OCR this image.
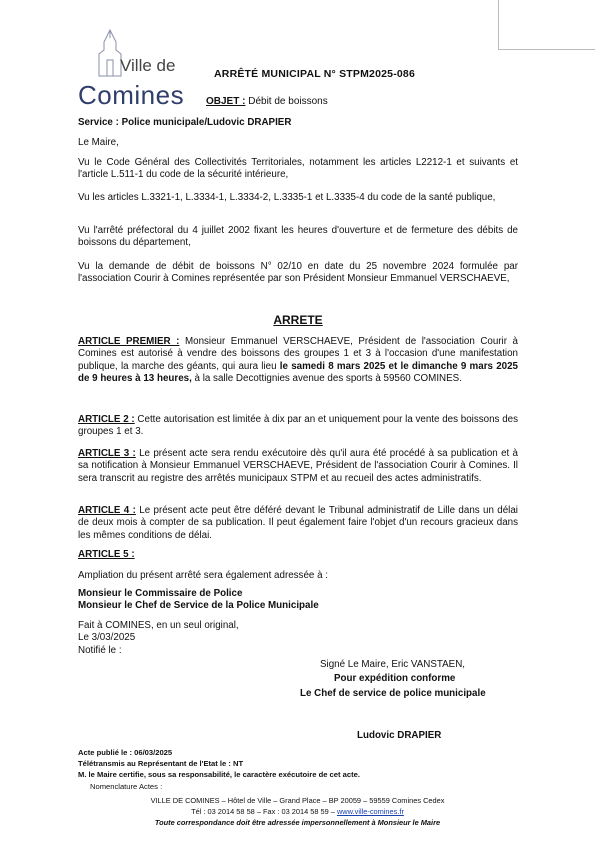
Ville de
Comines
ARRÊTÉ MUNICIPAL N° STPM2025-086
OBJET : Débit de boissons
Service : Police municipale/Ludovic DRAPIER
Le Maire,
Vu le Code Général des Collectivités Territoriales, notamment les articles L2212-1 et suivants et l'article L.511-1 du code de la sécurité intérieure,
Vu les articles L.3321-1, L.3334-1, L.3334-2, L.3335-1 et L.3335-4 du code de la santé publique,
Vu l'arrêté préfectoral du 4 juillet 2002 fixant les heures d'ouverture et de fermeture des débits de boissons du département,
Vu la demande de débit de boissons N° 02/10 en date du 25 novembre 2024 formulée par l'association Courir à Comines représentée par son Président Monsieur Emmanuel VERSCHAEVE,
ARRETE
ARTICLE PREMIER : Monsieur Emmanuel VERSCHAEVE, Président de l'association Courir à Comines est autorisé à vendre des boissons des groupes 1 et 3 à l'occasion d'une manifestation publique, la marche des géants, qui aura lieu le samedi 8 mars 2025 et le dimanche 9 mars 2025 de 9 heures à 13 heures, à la salle Decottignies avenue des sports à 59560 COMINES.
ARTICLE 2 : Cette autorisation est limitée à dix par an et uniquement pour la vente des boissons des groupes 1 et 3.
ARTICLE 3 : Le présent acte sera rendu exécutoire dès qu'il aura été procédé à sa publication et à sa notification à Monsieur Emmanuel VERSCHAEVE, Président de l'association Courir à Comines. Il sera transcrit au registre des arrêtés municipaux STPM et au recueil des actes administratifs.
ARTICLE 4 : Le présent acte peut être déféré devant le Tribunal administratif de Lille dans un délai de deux mois à compter de sa publication. Il peut également faire l'objet d'un recours gracieux dans les mêmes conditions de délai.
ARTICLE 5 :
Ampliation du présent arrêté sera également adressée à :
Monsieur le Commissaire de Police
Monsieur le Chef de Service de la Police Municipale
Fait à COMINES, en un seul original,
Le 3/03/2025
Notifié le :
Signé Le Maire, Eric VANSTAEN,
Pour expédition conforme
Le Chef de service de police municipale
Ludovic DRAPIER
Acte publié le : 06/03/2025
Télétransmis au Représentant de l'Etat le : NT
M. le Maire certifie, sous sa responsabilité, le caractère exécutoire de cet acte.
Nomenclature Actes :
VILLE DE COMINES – Hôtel de Ville – Grand Place – BP 20059 – 59559 Comines Cedex
Tél : 03 2014 58 58 – Fax : 03 2014 58 59 – www.ville-comines.fr
Toute correspondance doit être adressée impersonnellement à Monsieur le Maire
